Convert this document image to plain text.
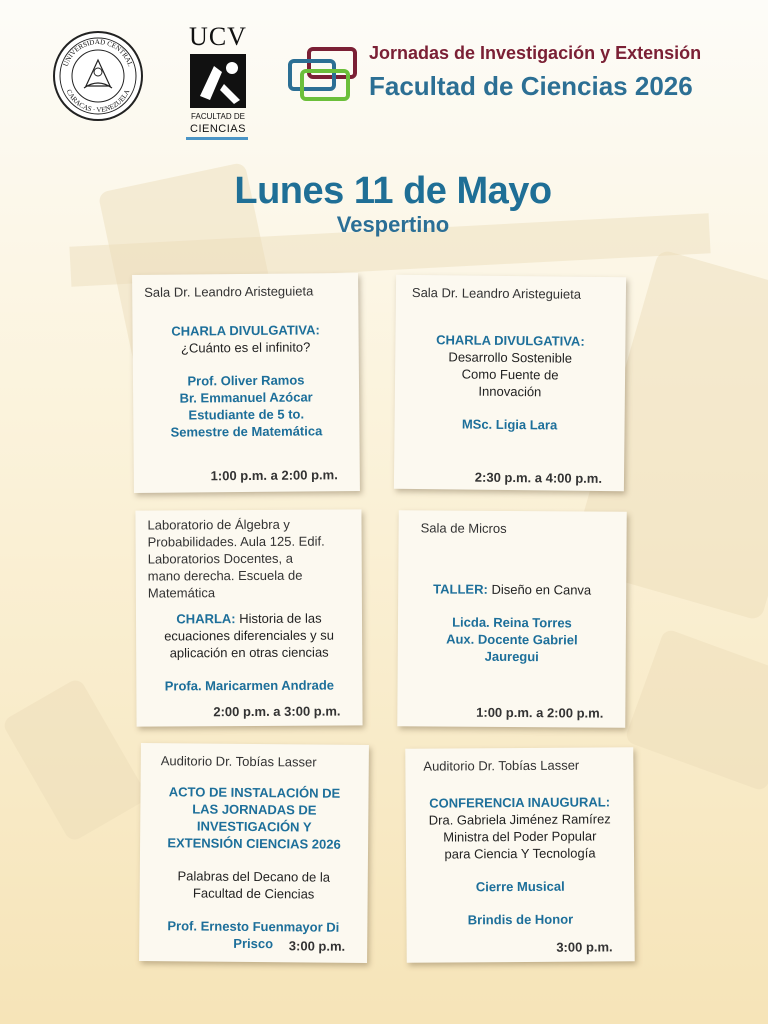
UNIVERSIDAD CENTRAL
CARACAS · VENEZUELA
UCV
FACULTAD DE
CIENCIAS
Jornadas de Investigación y Extensión
Facultad de Ciencias 2026
Lunes 11 de Mayo
Vespertino
Sala Dr. Leandro Aristeguieta
CHARLA DIVULGATIVA:
¿Cuánto es el infinito?
Prof. Oliver Ramos
Br. Emmanuel Azócar
Estudiante de 5 to.
Semestre de Matemática
1:00 p.m. a 2:00 p.m.
Sala Dr. Leandro Aristeguieta
CHARLA DIVULGATIVA:
Desarrollo Sostenible
Como Fuente de
Innovación
MSc. Ligia Lara
2:30 p.m. a 4:00 p.m.
Laboratorio de Álgebra y
Probabilidades. Aula 125. Edif.
Laboratorios Docentes, a
mano derecha. Escuela de
Matemática
CHARLA: Historia de las
ecuaciones diferenciales y su
aplicación en otras ciencias
Profa. Maricarmen Andrade
2:00 p.m. a 3:00 p.m.
Sala de Micros
TALLER: Diseño en Canva
Licda. Reina Torres
Aux. Docente Gabriel
Jauregui
1:00 p.m. a 2:00 p.m.
Auditorio Dr. Tobías Lasser
ACTO DE INSTALACIÓN DE
LAS JORNADAS DE
INVESTIGACIÓN Y
EXTENSIÓN CIENCIAS 2026
Palabras del Decano de la
Facultad de Ciencias
Prof. Ernesto Fuenmayor Di
Prisco	3:00 p.m.
Auditorio Dr. Tobías Lasser
CONFERENCIA INAUGURAL:
Dra. Gabriela Jiménez Ramírez
Ministra del Poder Popular
para Ciencia Y Tecnología
Cierre Musical
Brindis de Honor
3:00 p.m.
